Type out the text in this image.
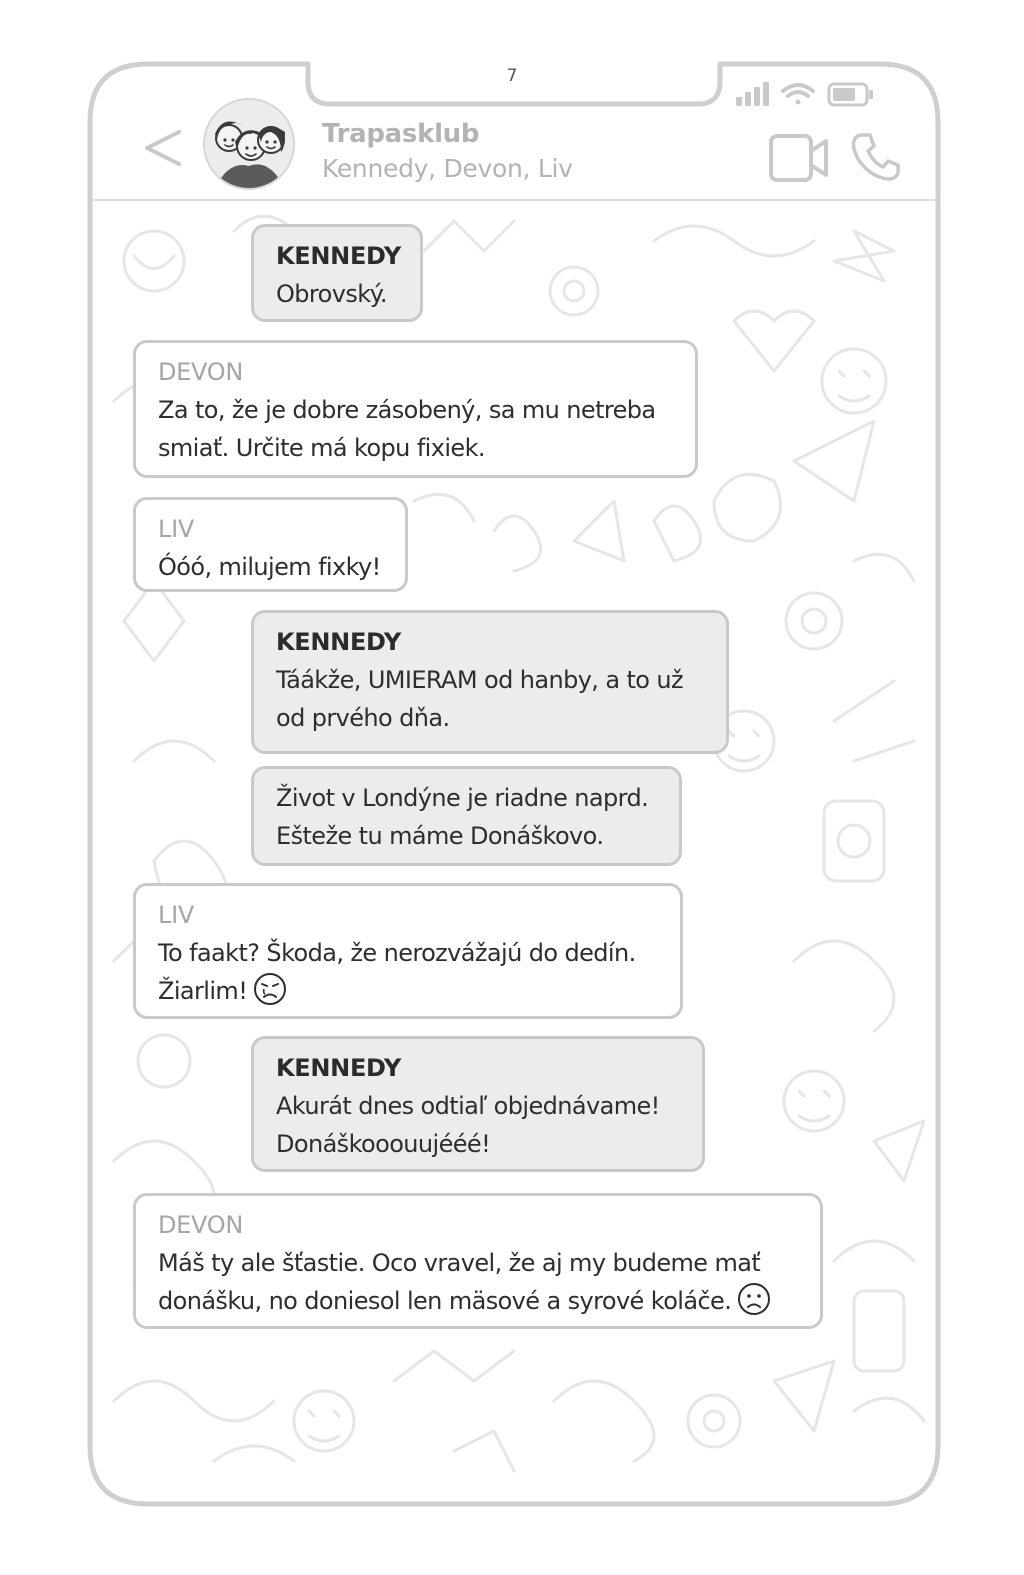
7
Trapasklub
Kennedy, Devon, Liv
KENNEDY
Obrovský.
DEVON
Za to, že je dobre zásobený, sa mu netreba
smiať. Určite má kopu fixiek.
LIV
Óóó, milujem fixky!
KENNEDY
Táákže, UMIERAM od hanby, a to už
od prvého dňa.
Život v Londýne je riadne naprd.
Ešteže tu máme Donáškovo.
LIV
To faakt? Škoda, že nerozvážajú do dedín.
Žiarlim!
KENNEDY
Akurát dnes odtiaľ objednávame!
Donáškooouujééé!
DEVON
Máš ty ale šťastie. Oco vravel, že aj my budeme mať
donášku, no doniesol len mäsové a syrové koláče.
